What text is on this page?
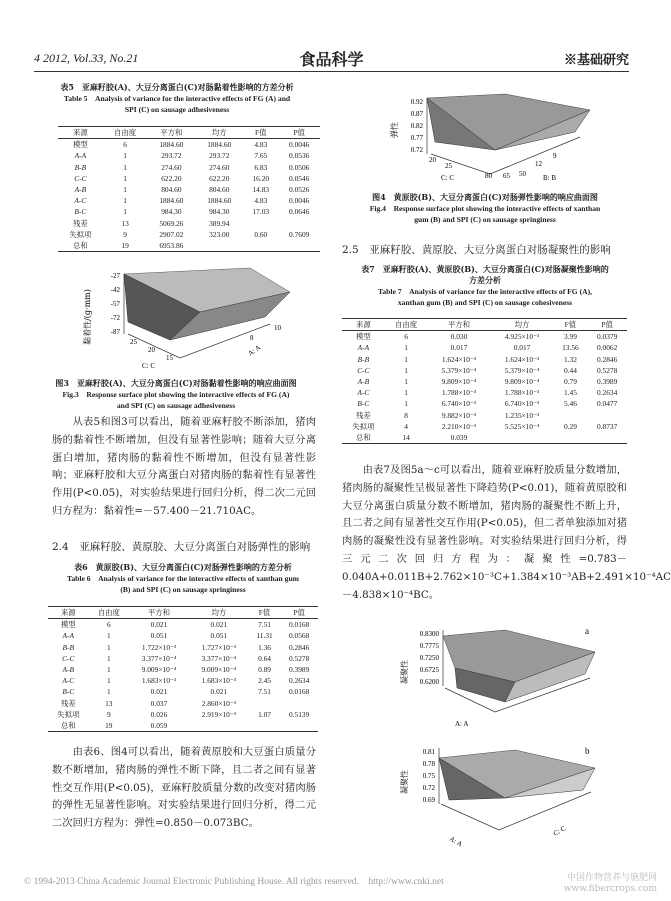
4 2012, Vol.33, No.21	食品科学	※基础研究
表5　亚麻籽胶(A)、大豆分离蛋白(C)对肠黏着性影响的方差分析
Table 5　Analysis of variance for the interactive effects of FG (A) and
SPI (C) on sausage adhesiveness
来源	自由度	平方和	均方	F值	P值
模型	6	1884.60	1884.60	4.83	0.0046
A-A	1	293.72	293.72	7.65	0.0536
B-B	1	274.60	274.60	6.83	0.0506
C-C	1	622.20	622.20	16.20	0.0546
A-B	1	804.60	804.60	14.83	0.0526
A-C	1	1884.60	1884.60	4.83	0.0046
B-C	1	984.30	984.30	17.03	0.0646
残差	13	5069.26	389.94		
失拟项	9	2907.02	323.00	0.60	0.7609
总和	19	6953.86			
黏着性/(g·mm)
-27
-42
-57
-72
-87
25
20
15
C: C
10
8
A: A
图3　亚麻籽胶(A)、大豆分离蛋白(C)对肠黏着性影响的响应曲面图
Fig.3　Response surface plot showing the interactive effects of FG (A)
and SPI (C) on sausage adhesiveness
从表5和图3可以看出，随着亚麻籽胶不断添加，猪肉肠的黏着性不断增加，但没有显著性影响；随着大豆分离蛋白增加，猪肉肠的黏着性不断增加，但没有显著性影响；亚麻籽胶和大豆分离蛋白对猪肉肠的黏着性有显著性作用(P<0.05)，对实验结果进行回归分析，得二次二元回归方程为：黏着性=－57.400－21.710AC。
2.4　亚麻籽胶、黄原胶、大豆分离蛋白对肠弹性的影响
表6　黄原胶(B)、大豆分离蛋白(C)对肠弹性影响的方差分析
Table 6　Analysis of variance for the interactive effects of xanthan gum
(B) and SPI (C) on sausage springiness
来源	自由度	平方和	均方	F值	P值
模型	6	0.021	0.021	7.51	0.0168
A-A	1	0.051	0.051	11.31	0.0568
B-B	1	1.722×10⁻³	1.727×10⁻³	1.36	0.2846
C-C	1	3.377×10⁻⁴	3.377×10⁻⁴	0.64	0.5278
A-B	1	9.009×10⁻⁴	9.009×10⁻⁴	0.89	0.3989
A-C	1	1.683×10⁻³	1.683×10⁻³	2.45	0.2634
B-C	1	0.021	0.021	7.51	0.0168
残差	13	0.037	2.860×10⁻³		
失拟项	9	0.026	2.919×10⁻³	1.07	0.5139
总和	19	0.059			
由表6、图4可以看出，随着黄原胶和大豆蛋白质量分数不断增加，猪肉肠的弹性不断下降，且二者之间有显著性交互作用(P<0.05)，亚麻籽胶质量分数的改变对猪肉肠的弹性无显著性影响。对实验结果进行回归分析，得二元二次回归方程为：弹性=0.850－0.073BC。
弹性
0.92
0.87
0.82
0.77
0.72
20
25
80 65 50
C: C
12
9
B: B
图4　黄原胶(B)、大豆分离蛋白(C)对肠弹性影响的响应曲面图
Fig.4　Response surface plot showing the interactive effects of xanthan
gum (B) and SPI (C) on sausage springiness
2.5　亚麻籽胶、黄原胶、大豆分离蛋白对肠凝聚性的影响
表7　亚麻籽胶(A)、黄原胶(B)、大豆分离蛋白(C)对肠凝聚性影响的
方差分析
Table 7　Analysis of variance for the interactive effects of FG (A),
xanthan gum (B) and SPI (C) on sausage cohesiveness
来源	自由度	平方和	均方	F值	P值
模型	6	0.030	4.925×10⁻³	3.99	0.0379
A-A	1	0.017	0.017	13.56	0.0062
B-B	1	1.624×10⁻³	1.624×10⁻³	1.32	0.2846
C-C	1	5.379×10⁻⁴	5.379×10⁻⁴	0.44	0.5278
A-B	1	9.809×10⁻⁴	9.809×10⁻⁴	0.79	0.3989
A-C	1	1.788×10⁻³	1.788×10⁻³	1.45	0.2634
B-C	1	6.740×10⁻³	6.740×10⁻³	5.46	0.0477
残差	8	9.882×10⁻³	1.235×10⁻³		
失拟项	4	2.210×10⁻³	5.525×10⁻⁴	0.29	0.8737
总和	14	0.039			
由表7及图5a～c可以看出，随着亚麻籽胶质量分数增加，猪肉肠的凝聚性呈极显著性下降趋势(P<0.01)，随着黄原胶和大豆分离蛋白质量分数不断增加，猪肉肠的凝聚性不断上升，且二者之间有显著性交互作用(P<0.05)，但二者单独添加对猪肉肠的凝聚性没有显著性影响。对实验结果进行回归分析，得三元二次回归方程为：凝聚性=0.783－0.040A+0.011B+2.762×10⁻³C+1.384×10⁻³AB+2.491×10⁻⁴AC－4.838×10⁻⁴BC。
凝聚性
0.8300
0.7775
0.7250
0.6725
0.6200
a
A: A
凝聚性
0.81
0.78
0.75
0.72
0.69
b
A: A
C: C
© 1994-2013 China Academic Journal Electronic Publishing House. All rights reserved.　http://www.cnki.net	中国作物营养与施肥网
www.fibercrops.com
